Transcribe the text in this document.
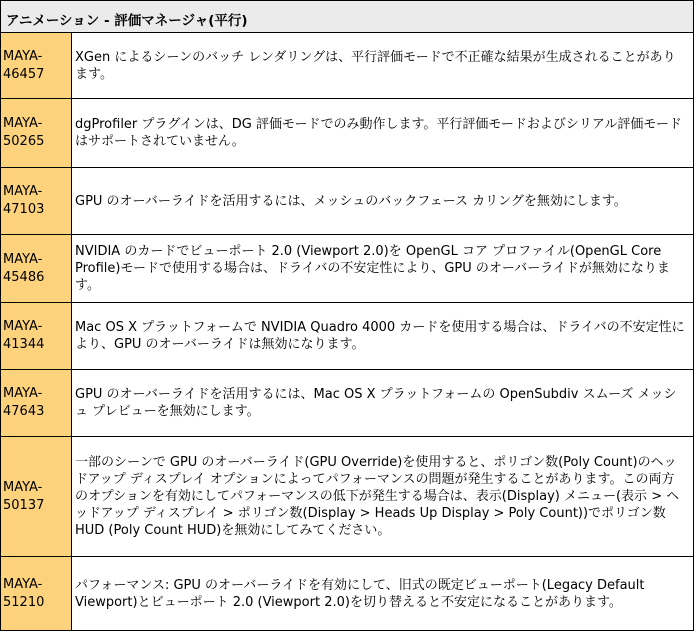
アニメーション - 評価マネージャ(平行)
MAYA-46457
XGen によるシーンのバッチ レンダリングは、平行評価モードで不正確な結果が生成されることがあります。
MAYA-50265
dgProfiler プラグインは、DG 評価モードでのみ動作します。平行評価モードおよびシリアル評価モードはサポートされていません。
MAYA-47103
GPU のオーバーライドを活用するには、メッシュのバックフェース カリングを無効にします。
MAYA-45486
NVIDIA のカードでビューポート 2.0 (Viewport 2.0)を OpenGL コア プロファイル(OpenGL Core Profile)モードで使用する場合は、ドライバの不安定性により、GPU のオーバーライドが無効になります。
MAYA-41344
Mac OS X プラットフォームで NVIDIA Quadro 4000 カードを使用する場合は、ドライバの不安定性により、GPU のオーバーライドは無効になります。
MAYA-47643
GPU のオーバーライドを活用するには、Mac OS X プラットフォームの OpenSubdiv スムーズ メッシュ プレビューを無効にします。
MAYA-50137
一部のシーンで GPU のオーバーライド(GPU Override)を使用すると、ポリゴン数(Poly Count)のヘッドアップ ディスプレイ オプションによってパフォーマンスの問題が発生することがあります。この両方のオプションを有効にしてパフォーマンスの低下が発生する場合は、表示(Display) メニュー(表示 > ヘッドアップ ディスプレイ > ポリゴン数(Display > Heads Up Display > Poly Count))でポリゴン数 HUD (Poly Count HUD)を無効にしてみてください。
MAYA-51210
パフォーマンス: GPU のオーバーライドを有効にして、旧式の既定ビューポート(Legacy Default Viewport)とビューポート 2.0 (Viewport 2.0)を切り替えると不安定になることがあります。
